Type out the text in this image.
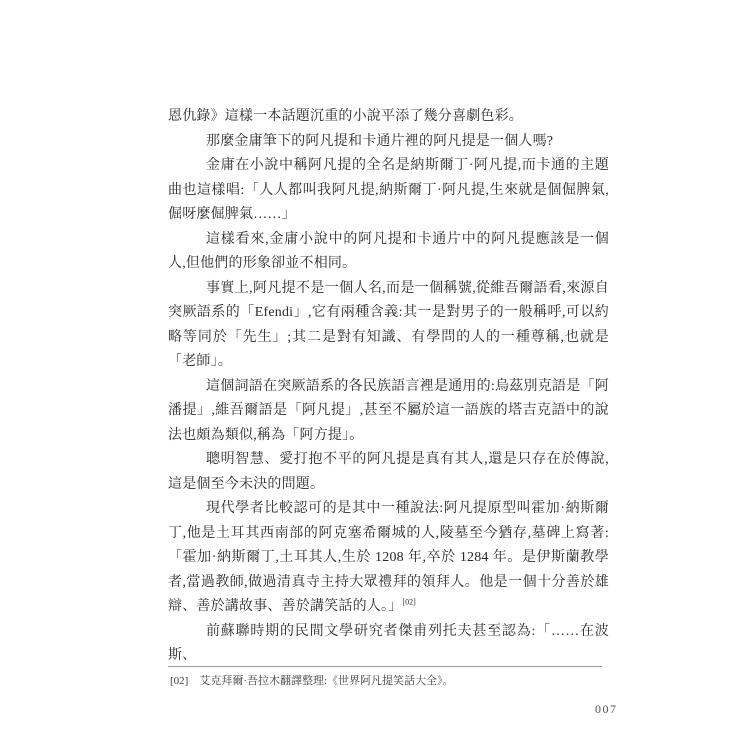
恩仇錄》這樣一本話題沉重的小說平添了幾分喜劇色彩。

那麼金庸筆下的阿凡提和卡通片裡的阿凡提是一個人嗎?

金庸在小說中稱阿凡提的全名是納斯爾丁·阿凡提,而卡通的主題曲也這樣唱:「人人都叫我阿凡提,納斯爾丁·阿凡提,生來就是個倔脾氣,倔呀麼倔脾氣……」

這樣看來,金庸小說中的阿凡提和卡通片中的阿凡提應該是一個人,但他們的形象卻並不相同。

事實上,阿凡提不是一個人名,而是一個稱號,從維吾爾語看,來源自突厥語系的「Efendi」,它有兩種含義:其一是對男子的一般稱呼,可以約略等同於「先生」;其二是對有知識、有學問的人的一種尊稱,也就是「老師」。

這個詞語在突厥語系的各民族語言裡是通用的:烏茲別克語是「阿潘提」,維吾爾語是「阿凡提」,甚至不屬於這一語族的塔吉克語中的說法也頗為類似,稱為「阿方提」。

聰明智慧、愛打抱不平的阿凡提是真有其人,還是只存在於傳說,這是個至今未決的問題。

現代學者比較認可的是其中一種說法:阿凡提原型叫霍加·納斯爾丁,他是土耳其西南部的阿克塞希爾城的人,陵墓至今猶存,墓碑上寫著:「霍加·納斯爾丁,土耳其人,生於 1208 年,卒於 1284 年。是伊斯蘭教學者,當過教師,做過清真寺主持大眾禮拜的領拜人。他是一個十分善於雄辯、善於講故事、善於講笑話的人。」[02]

前蘇聯時期的民間文學研究者傑甫列托夫甚至認為:「……在波斯、

[02] 艾克拜爾·吾拉木翻譯整理:《世界阿凡提笑話大全》。
007
